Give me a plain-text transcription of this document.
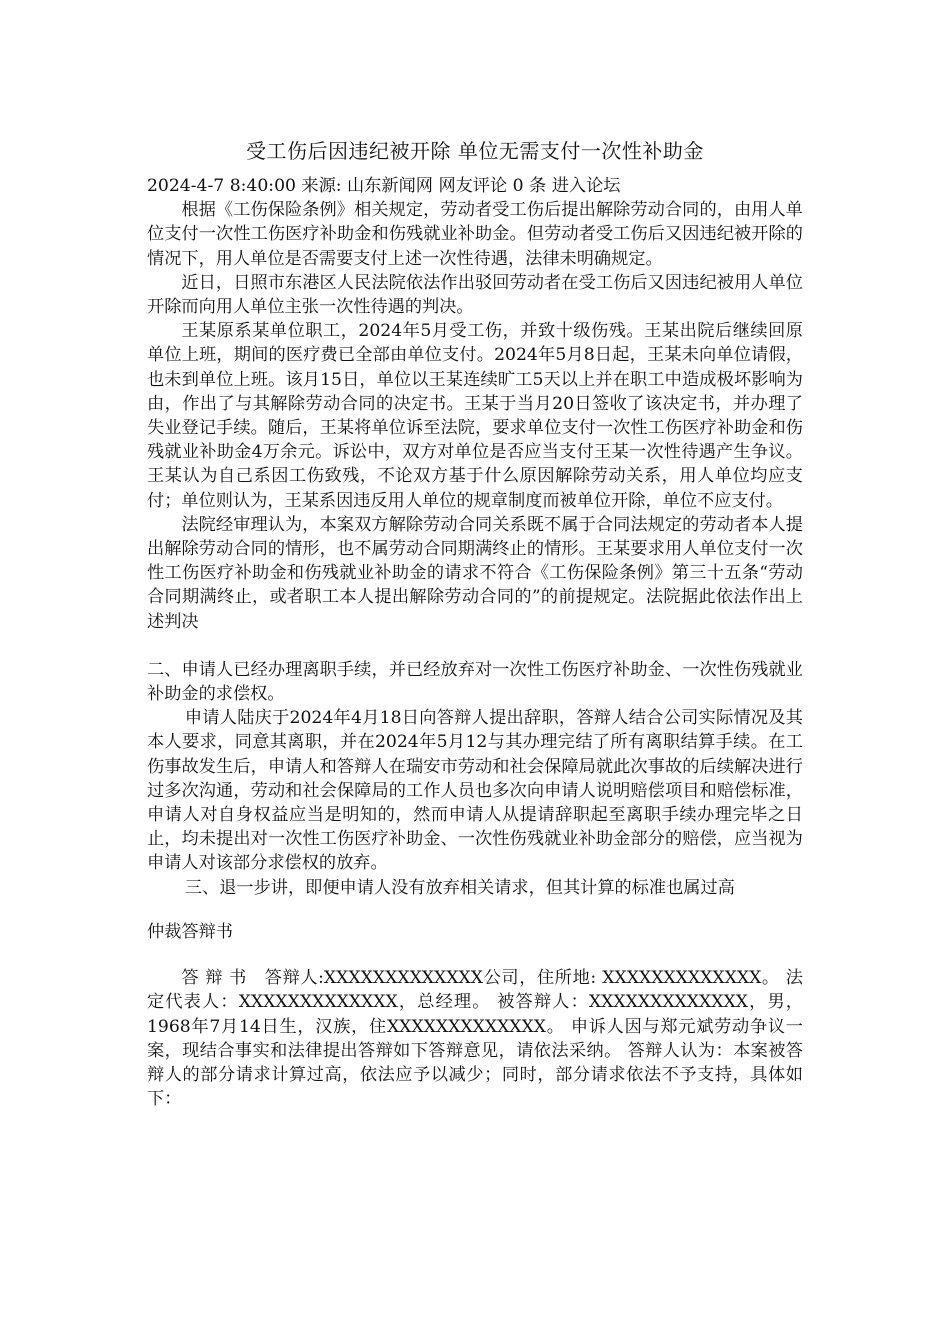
受工伤后因违纪被开除 单位无需支付一次性补助金

2024-4-7 8:40:00 来源: 山东新闻网 网友评论 0 条 进入论坛

根据《工伤保险条例》相关规定，劳动者受工伤后提出解除劳动合同的，由用人单位支付一次性工伤医疗补助金和伤残就业补助金。但劳动者受工伤后又因违纪被开除的情况下，用人单位是否需要支付上述一次性待遇，法律未明确规定。

近日，日照市东港区人民法院依法作出驳回劳动者在受工伤后又因违纪被用人单位开除而向用人单位主张一次性待遇的判决。

王某原系某单位职工，2024年5月受工伤，并致十级伤残。王某出院后继续回原单位上班，期间的医疗费已全部由单位支付。2024年5月8日起，王某未向单位请假，也未到单位上班。该月15日，单位以王某连续旷工5天以上并在职工中造成极坏影响为由，作出了与其解除劳动合同的决定书。王某于当月20日签收了该决定书，并办理了失业登记手续。随后，王某将单位诉至法院，要求单位支付一次性工伤医疗补助金和伤残就业补助金4万余元。诉讼中，双方对单位是否应当支付王某一次性待遇产生争议。王某认为自己系因工伤致残，不论双方基于什么原因解除劳动关系，用人单位均应支付；单位则认为，王某系因违反用人单位的规章制度而被单位开除，单位不应支付。

法院经审理认为，本案双方解除劳动合同关系既不属于合同法规定的劳动者本人提出解除劳动合同的情形，也不属劳动合同期满终止的情形。王某要求用人单位支付一次性工伤医疗补助金和伤残就业补助金的请求不符合《工伤保险条例》第三十五条“劳动合同期满终止，或者职工本人提出解除劳动合同的”的前提规定。法院据此依法作出上述判决

二、申请人已经办理离职手续，并已经放弃对一次性工伤医疗补助金、一次性伤残就业补助金的求偿权。

申请人陆庆于2024年4月18日向答辩人提出辞职，答辩人结合公司实际情况及其本人要求，同意其离职，并在2024年5月12与其办理完结了所有离职结算手续。在工伤事故发生后，申请人和答辩人在瑞安市劳动和社会保障局就此次事故的后续解决进行过多次沟通，劳动和社会保障局的工作人员也多次向申请人说明赔偿项目和赔偿标准，申请人对自身权益应当是明知的，然而申请人从提请辞职起至离职手续办理完毕之日止，均未提出对一次性工伤医疗补助金、一次性伤残就业补助金部分的赔偿，应当视为申请人对该部分求偿权的放弃。

三、退一步讲，即便申请人没有放弃相关请求，但其计算的标准也属过高

仲裁答辩书

答 辩 书　答辩人:XXXXXXXXXXXXX公司，住所地: XXXXXXXXXXXXX。 法定代表人：XXXXXXXXXXXXX，总经理。 被答辩人：XXXXXXXXXXXXX，男，1968年7月14日生，汉族，住XXXXXXXXXXXXX。 申诉人因与郑元斌劳动争议一案，现结合事实和法律提出答辩如下答辩意见，请依法采纳。 答辩人认为：本案被答辩人的部分请求计算过高，依法应予以减少；同时，部分请求依法不予支持，具体如下：
